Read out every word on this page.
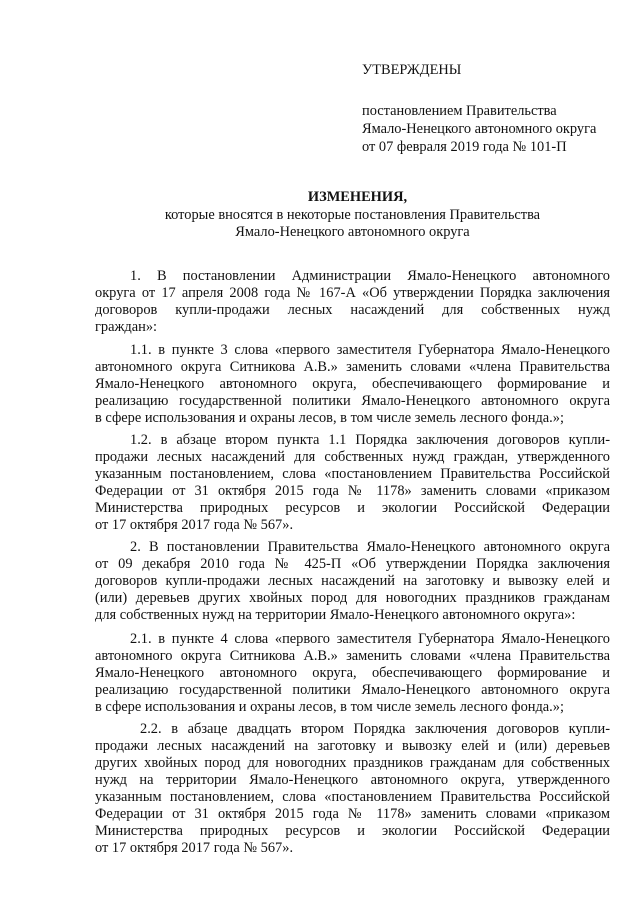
УТВЕРЖДЕНЫ
постановлением Правительства
Ямало-Ненецкого автономного округа
от 07 февраля 2019 года № 101-П
ИЗМЕНЕНИЯ,
которые вносятся в некоторые постановления Правительства
Ямало-Ненецкого автономного округа
1. В постановлении Администрации Ямало-Ненецкого автономного
округа от 17 апреля 2008 года № 167-А «Об утверждении Порядка заключения
договоров купли-продажи лесных насаждений для собственных нужд
граждан»:
1.1. в пункте 3 слова «первого заместителя Губернатора Ямало-Ненецкого
автономного округа Ситникова А.В.» заменить словами «члена Правительства
Ямало-Ненецкого автономного округа, обеспечивающего формирование и
реализацию государственной политики Ямало-Ненецкого автономного округа
в сфере использования и охраны лесов, в том числе земель лесного фонда.»;
1.2. в абзаце втором пункта 1.1 Порядка заключения договоров купли-
продажи лесных насаждений для собственных нужд граждан, утвержденного
указанным постановлением, слова «постановлением Правительства Российской
Федерации от 31 октября 2015 года № 1178» заменить словами «приказом
Министерства природных ресурсов и экологии Российской Федерации
от 17 октября 2017 года № 567».
2. В постановлении Правительства Ямало-Ненецкого автономного округа
от 09 декабря 2010 года № 425-П «Об утверждении Порядка заключения
договоров купли-продажи лесных насаждений на заготовку и вывозку елей и
(или) деревьев других хвойных пород для новогодних праздников гражданам
для собственных нужд на территории Ямало-Ненецкого автономного округа»:
2.1. в пункте 4 слова «первого заместителя Губернатора Ямало-Ненецкого
автономного округа Ситникова А.В.» заменить словами «члена Правительства
Ямало-Ненецкого автономного округа, обеспечивающего формирование и
реализацию государственной политики Ямало-Ненецкого автономного округа
в сфере использования и охраны лесов, в том числе земель лесного фонда.»;
2.2. в абзаце двадцать втором Порядка заключения договоров купли-
продажи лесных насаждений на заготовку и вывозку елей и (или) деревьев
других хвойных пород для новогодних праздников гражданам для собственных
нужд на территории Ямало-Ненецкого автономного округа, утвержденного
указанным постановлением, слова «постановлением Правительства Российской
Федерации от 31 октября 2015 года № 1178» заменить словами «приказом
Министерства природных ресурсов и экологии Российской Федерации
от 17 октября 2017 года № 567».
